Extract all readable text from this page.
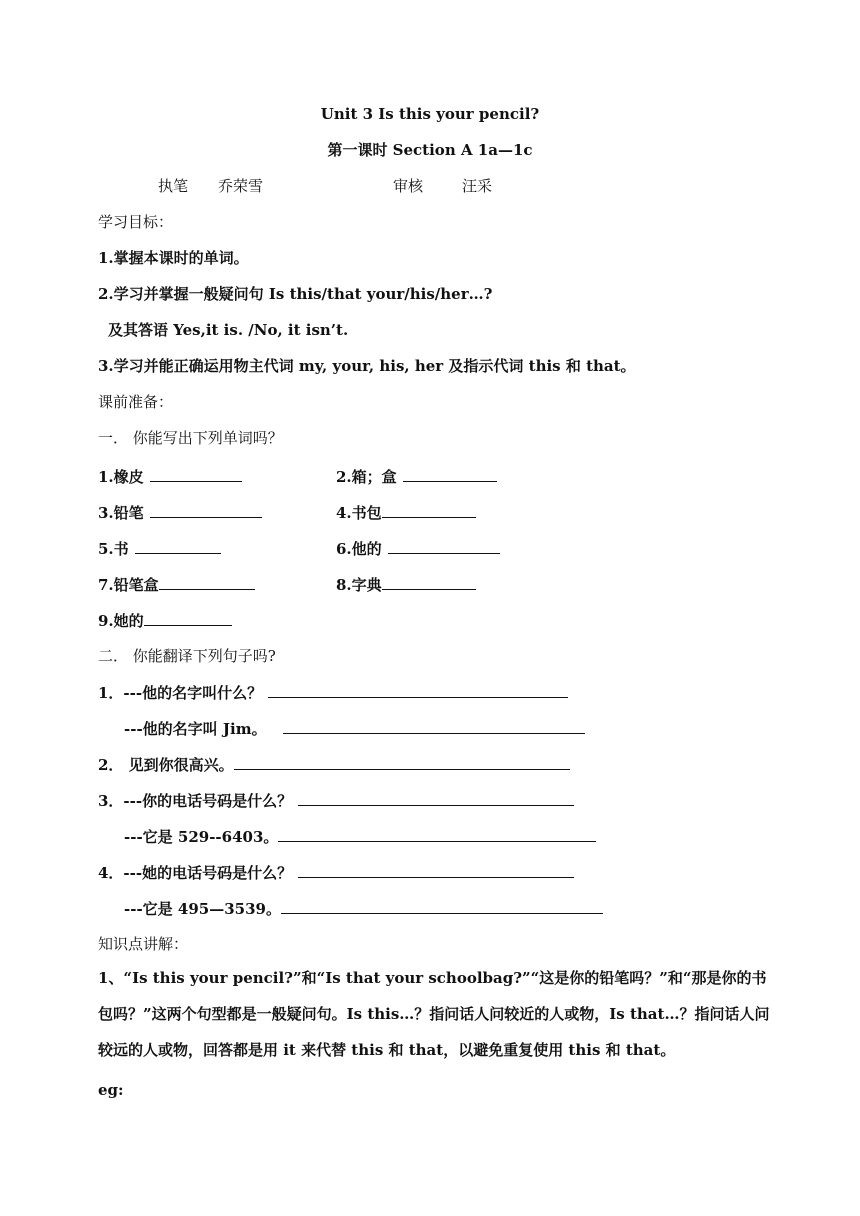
Unit 3 Is this your pencil?
第一课时 Section A 1a—1c
执笔 乔荣雪	审核	汪采
学习目标：
1.掌握本课时的单词。
2.学习并掌握一般疑问句 Is this/that your/his/her…?
及其答语 Yes,it is. /No, it isn’t.
3.学习并能正确运用物主代词 my, your, his, her 及指示代词 this 和 that。
课前准备：
一． 你能写出下列单词吗？
1.橡皮	2.箱；盒
3.铅笔	4.书包
5.书	6.他的
7.铅笔盒	8.字典
9.她的
二． 你能翻译下列句子吗?
1．---他的名字叫什么？
---他的名字叫 Jim。
2． 见到你很高兴。
3．---你的电话号码是什么？
---它是 529--6403。
4．---她的电话号码是什么？
---它是 495—3539。
知识点讲解：
1、“Is this your pencil?”和“Is that your schoolbag?”“这是你的铅笔吗？”和“那是你的书包吗？”这两个句型都是一般疑问句。Is this…？指问话人问较近的人或物，Is that…？指问话人问较远的人或物，回答都是用 it 来代替 this 和 that，以避免重复使用 this 和 that。
eg:
